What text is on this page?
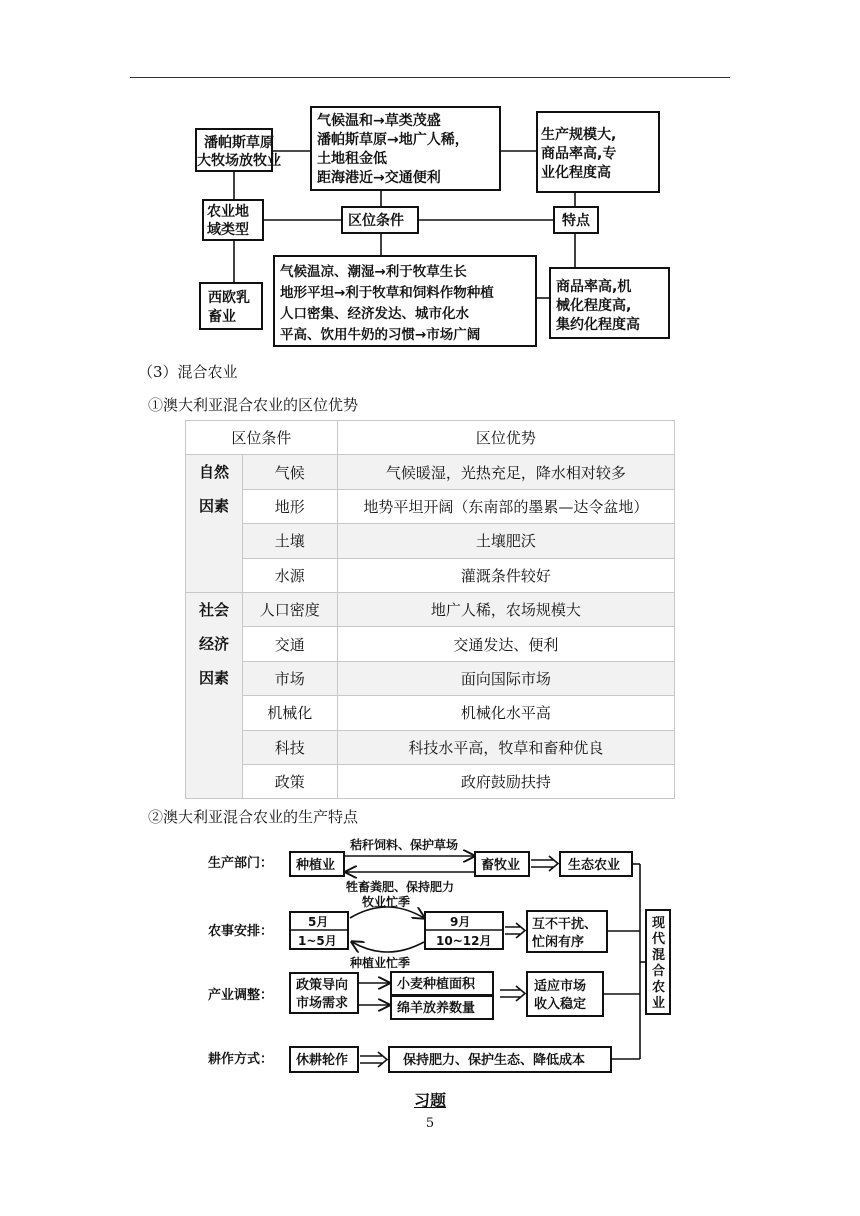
潘帕斯草原
大牧场放牧业
气候温和→草类茂盛
潘帕斯草原→地广人稀，
土地租金低
距海港近→交通便利
生产规模大,
商品率高,专
业化程度高
农业地
域类型
区位条件	特点
西欧乳
畜业
气候温凉、潮湿→利于牧草生长
地形平坦→利于牧草和饲料作物种植
人口密集、经济发达、城市化水
平高、饮用牛奶的习惯→市场广阔
商品率高,机
械化程度高,
集约化程度高
（3）混合农业
①澳大利亚混合农业的区位优势
区位条件		区位优势

自然
因素	气候	气候暖湿，光热充足，降水相对较多
	地形	地势平坦开阔（东南部的墨累—达令盆地）
	土壤	土壤肥沃
	水源	灌溉条件较好

社会
经济
因素	人口密度	地广人稀，农场规模大
	交通	交通发达、便利
	市场	面向国际市场
	机械化	机械化水平高
	科技	科技水平高，牧草和畜种优良
	政策	政府鼓励扶持
②澳大利亚混合农业的生产特点
生产部门： 种植业	畜牧业
秸秆饲料、保护草场
牲畜粪肥、保持肥力
生态农业
农事安排：
5月
1~5月
9月
10~12月
牧业忙季
种植业忙季
互不干扰、
忙闲有序
产业调整：
政策导向
市场需求
小麦种植面积
绵羊放养数量
适应市场
收入稳定
耕作方式： 休耕轮作	保持肥力、保护生态、降低成本
现
代
混
合
农
业
习题
5
